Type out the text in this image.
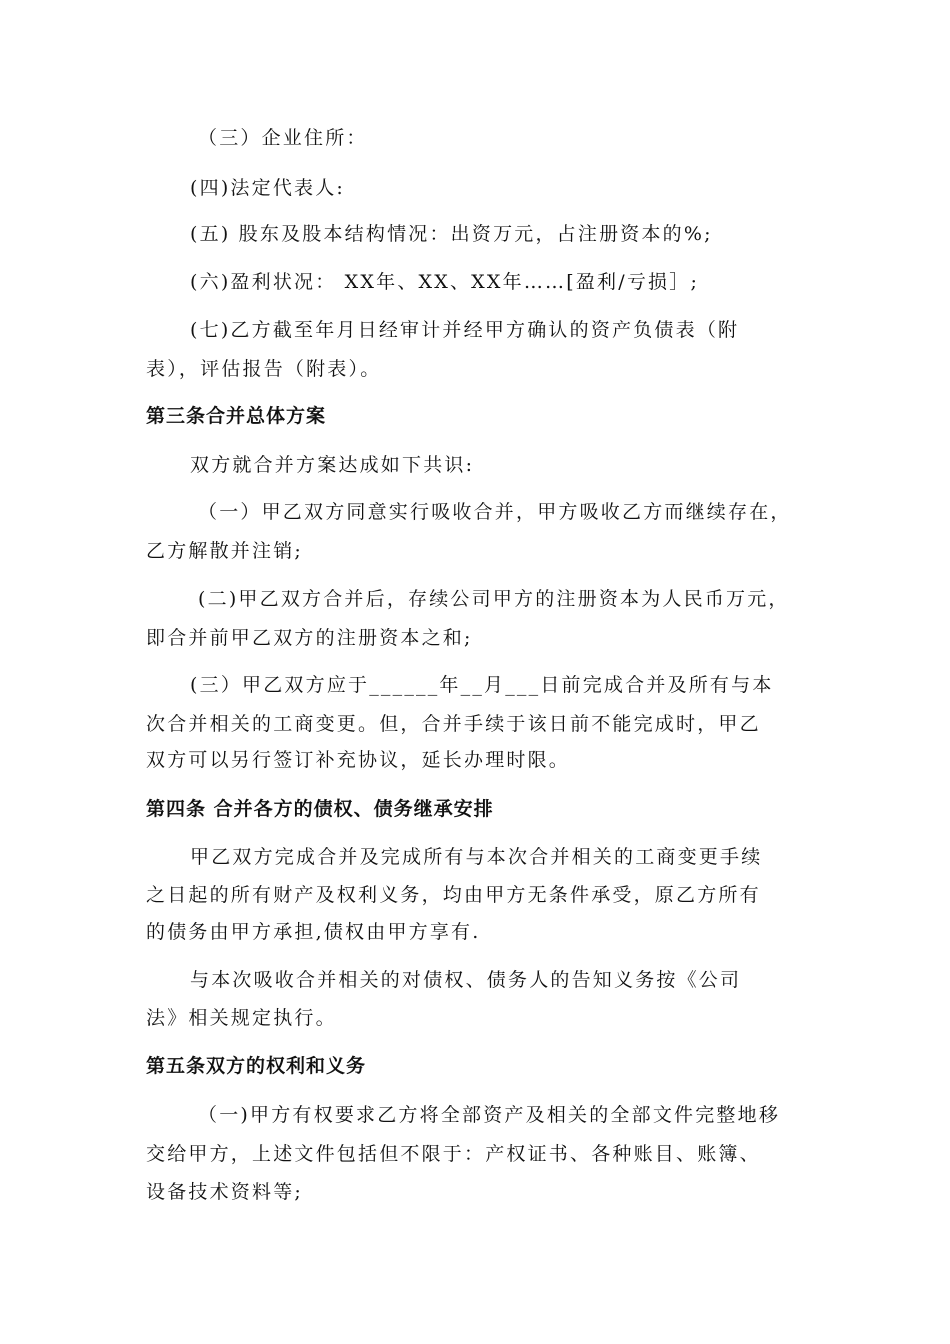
（三）企业住所：
(四)法定代表人:
(五) 股东及股本结构情况：出资万元，占注册资本的%;
(六)盈利状况： XX年、XX、XX年……[盈利/亏损］;
(七)乙方截至年月日经审计并经甲方确认的资产负债表（附
表），评估报告（附表）。
第三条合并总体方案
双方就合并方案达成如下共识:
（一）甲乙双方同意实行吸收合并，甲方吸收乙方而继续存在，
乙方解散并注销;
(二)甲乙双方合并后，存续公司甲方的注册资本为人民币万元，
即合并前甲乙双方的注册资本之和;
(三）甲乙双方应于______年__月___日前完成合并及所有与本
次合并相关的工商变更。但，合并手续于该日前不能完成时，甲乙
双方可以另行签订补充协议，延长办理时限。
第四条 合并各方的债权、债务继承安排
甲乙双方完成合并及完成所有与本次合并相关的工商变更手续
之日起的所有财产及权利义务，均由甲方无条件承受，原乙方所有
的债务由甲方承担,债权由甲方享有.
与本次吸收合并相关的对债权、债务人的告知义务按《公司
法》相关规定执行。
第五条双方的权利和义务
（一)甲方有权要求乙方将全部资产及相关的全部文件完整地移
交给甲方，上述文件包括但不限于：产权证书、各种账目、账簿、
设备技术资料等;
